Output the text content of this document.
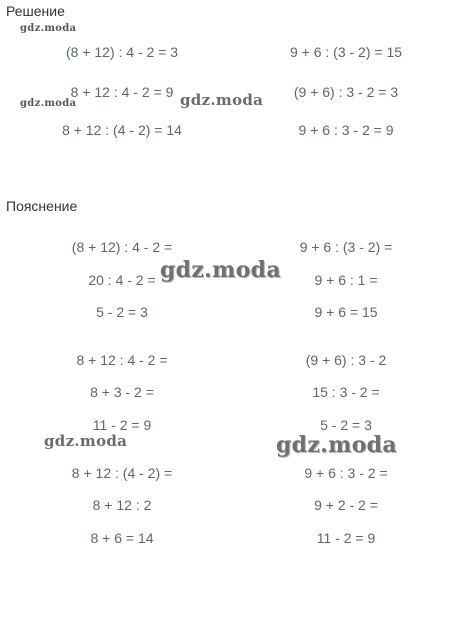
Решение
Пояснение
(8 + 12) : 4 - 2 = 3
8 + 12 : 4 - 2 = 9
8 + 12 : (4 - 2) = 14
9 + 6 : (3 - 2) = 15
(9 + 6) : 3 - 2 = 3
9 + 6 : 3 - 2 = 9
(8 + 12) : 4 - 2 =
20 : 4 - 2 =
5 - 2 = 3
9 + 6 : (3 - 2) =
9 + 6 : 1 =
9 + 6 = 15
8 + 12 : 4 - 2 =
8 + 3 - 2 =
11 - 2 = 9
(9 + 6) : 3 - 2
15 : 3 - 2 =
5 - 2 = 3
8 + 12 : (4 - 2) =
8 + 12 : 2
8 + 6 = 14
9 + 6 : 3 - 2 =
9 + 2 - 2 =
11 - 2 = 9
gdz.moda
gdz.moda	gdz.moda
gdz.moda
gdz.moda	gdz.moda
